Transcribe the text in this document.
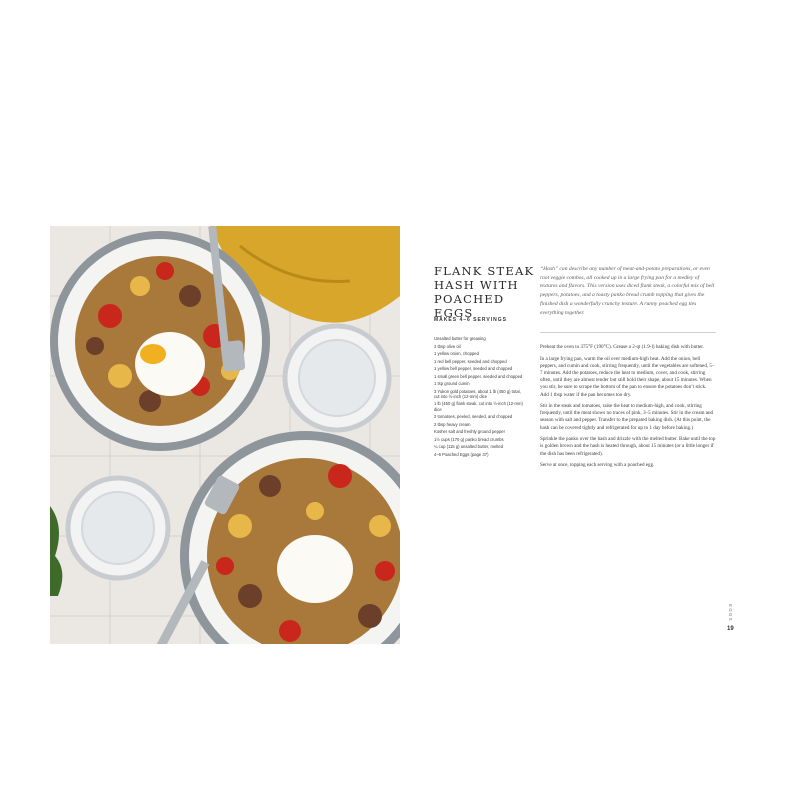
FLANK STEAK HASH WITH POACHED EGGS
MAKES 4–6 SERVINGS
Unsalted butter for greasing
2 tbsp olive oil
1 yellow onion, chopped
1 red bell pepper, seeded and chopped
1 yellow bell pepper, seeded and chopped
1 small green bell pepper, seeded and chopped
1 tsp ground cumin
3 Yukon gold potatoes, about 1 lb (450 g) total, cut into ½-inch (12-mm) dice
1 lb (450 g) flank steak, cut into ½-inch (12-mm) dice
2 tomatoes, peeled, seeded, and chopped
2 tbsp heavy cream
Kosher salt and freshly ground pepper
1½ cups (170 g) panko bread crumbs
¼ cup (115 g) unsalted butter, melted
4–6 Poached Eggs (page 37)

“Hash” can describe any number of meat-and-potato preparations, or even root veggie combos, all cooked up in a large frying pan for a medley of textures and flavors. This version uses diced flank steak, a colorful mix of bell peppers, potatoes, and a toasty panko bread crumb topping that gives the finished dish a wonderfully crunchy texture. A runny poached egg ties everything together.

Preheat the oven to 375°F (190°C). Grease a 2-qt (1.9-l) baking dish with butter.

In a large frying pan, warm the oil over medium-high heat. Add the onion, bell peppers, and cumin and cook, stirring frequently, until the vegetables are softened, 5–7 minutes. Add the potatoes, reduce the heat to medium, cover, and cook, stirring often, until they are almost tender but still hold their shape, about 15 minutes. When you stir, be sure to scrape the bottom of the pan to ensure the potatoes don’t stick. Add 1 tbsp water if the pan becomes too dry.

Stir in the steak and tomatoes, raise the heat to medium-high, and cook, stirring frequently, until the meat shows no traces of pink, 3–5 minutes. Stir in the cream and season with salt and pepper. Transfer to the prepared baking dish. (At this point, the hash can be covered tightly and refrigerated for up to 1 day before baking.)

Sprinkle the panko over the hash and drizzle with the melted butter. Bake until the top is golden brown and the hash is heated through, about 15 minutes (or a little longer if the dish has been refrigerated).

Serve at once, topping each serving with a poached egg.

EGGS
19
